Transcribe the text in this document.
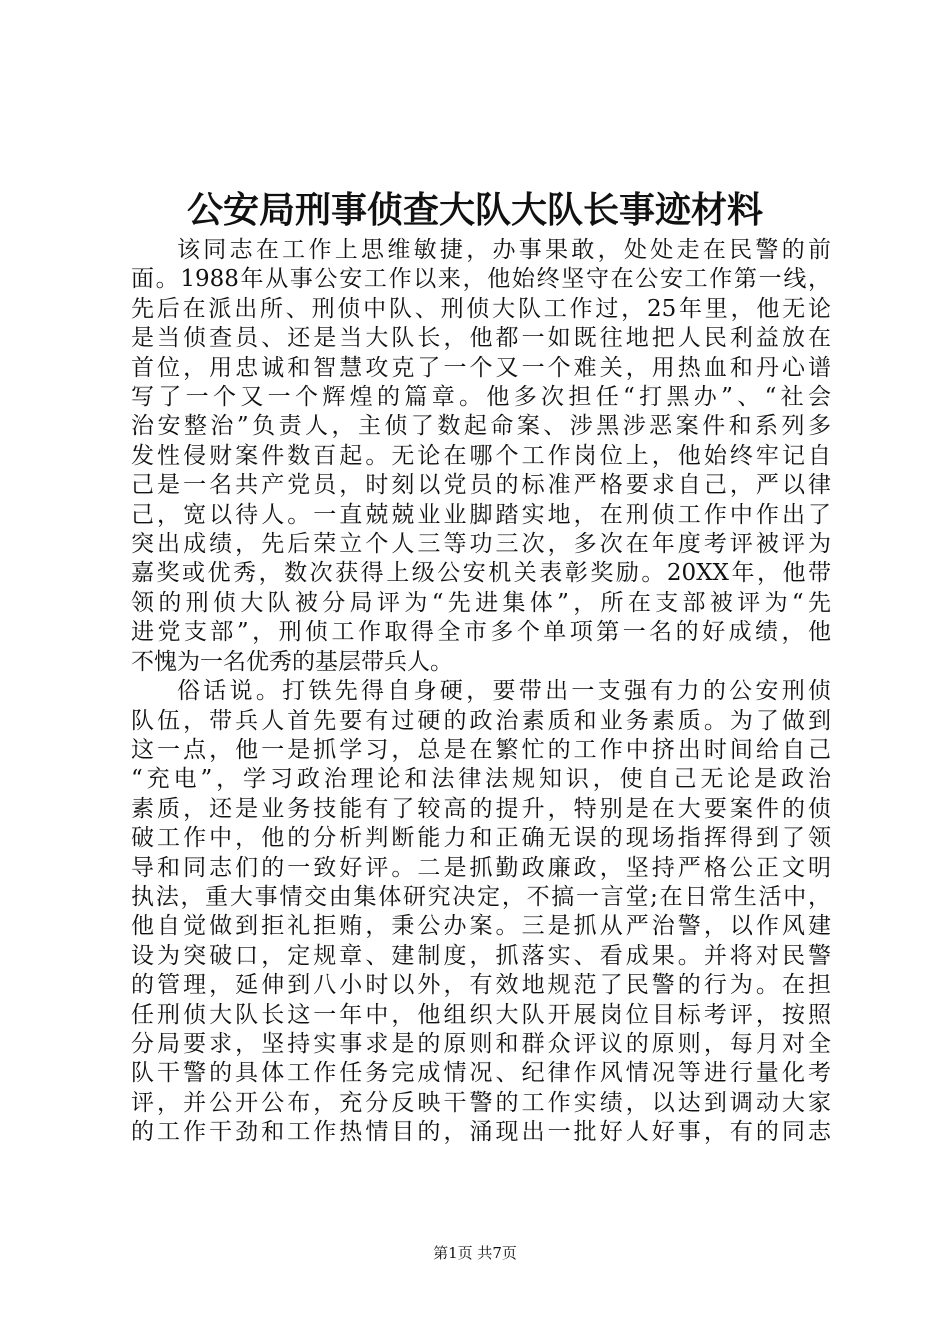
公安局刑事侦查大队大队长事迹材料

该同志在工作上思维敏捷，办事果敢，处处走在民警的前

面。1988年从事公安工作以来，他始终坚守在公安工作第一线，

先后在派出所、刑侦中队、刑侦大队工作过，25年里，他无论

是当侦查员、还是当大队长，他都一如既往地把人民利益放在

首位，用忠诚和智慧攻克了一个又一个难关，用热血和丹心谱

写了一个又一个辉煌的篇章。他多次担任“打黑办”、“社会

治安整治”负责人，主侦了数起命案、涉黑涉恶案件和系列多

发性侵财案件数百起。无论在哪个工作岗位上，他始终牢记自

己是一名共产党员，时刻以党员的标准严格要求自己，严以律

己，宽以待人。一直兢兢业业脚踏实地，在刑侦工作中作出了

突出成绩，先后荣立个人三等功三次，多次在年度考评被评为

嘉奖或优秀，数次获得上级公安机关表彰奖励。20XX年，他带

领的刑侦大队被分局评为“先进集体”，所在支部被评为“先

进党支部”，刑侦工作取得全市多个单项第一名的好成绩，他

不愧为一名优秀的基层带兵人。

俗话说。打铁先得自身硬，要带出一支强有力的公安刑侦

队伍，带兵人首先要有过硬的政治素质和业务素质。为了做到

这一点，他一是抓学习，总是在繁忙的工作中挤出时间给自己

“充电”，学习政治理论和法律法规知识，使自己无论是政治

素质，还是业务技能有了较高的提升，特别是在大要案件的侦

破工作中，他的分析判断能力和正确无误的现场指挥得到了领

导和同志们的一致好评。二是抓勤政廉政，坚持严格公正文明

执法，重大事情交由集体研究决定，不搞一言堂;在日常生活中，

他自觉做到拒礼拒贿，秉公办案。三是抓从严治警，以作风建

设为突破口，定规章、建制度，抓落实、看成果。并将对民警

的管理，延伸到八小时以外，有效地规范了民警的行为。在担

任刑侦大队长这一年中，他组织大队开展岗位目标考评，按照

分局要求，坚持实事求是的原则和群众评议的原则，每月对全

队干警的具体工作任务完成情况、纪律作风情况等进行量化考

评，并公开公布，充分反映干警的工作实绩，以达到调动大家

的工作干劲和工作热情目的，涌现出一批好人好事，有的同志

第1页 共7页
